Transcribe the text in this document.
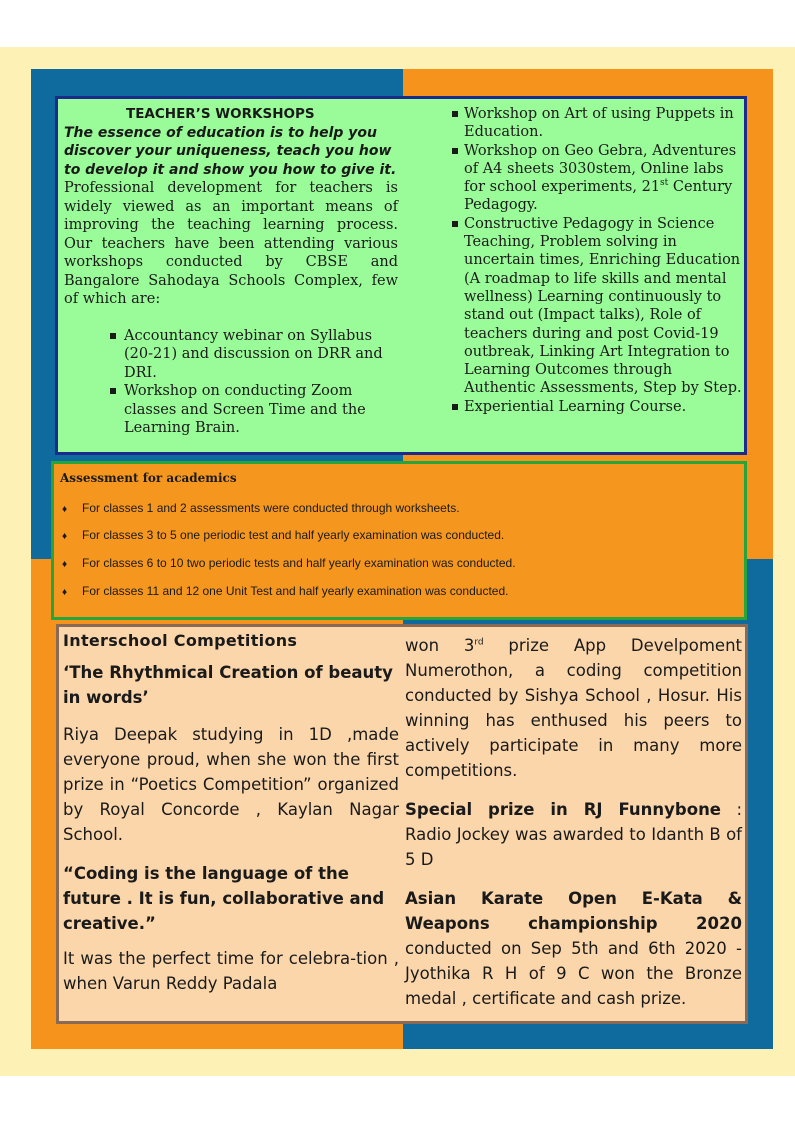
TEACHER’S WORKSHOPS
The essence of education is to help you discover your uniqueness, teach you how to develop it and show you how to give it.
Professional development for teachers is widely viewed as an important means of improving the teaching learning process. Our teachers have been attending various workshops conducted by CBSE and Bangalore Sahodaya Schools Complex, few of which are:
Accountancy webinar on Syllabus (20-21) and discussion on DRR and DRI.
Workshop on conducting Zoom classes and Screen Time and the Learning Brain.
Workshop on Art of using Puppets in Education.
Workshop on Geo Gebra, Adventures of A4 sheets 3030stem, Online labs for school experiments, 21st Century Pedagogy.
Constructive Pedagogy in Science Teaching, Problem solving in uncertain times, Enriching Education (A roadmap to life skills and mental wellness) Learning continuously to stand out (Impact talks), Role of teachers during and post Covid-19 outbreak, Linking Art Integration to Learning Outcomes through Authentic Assessments, Step by Step.
Experiential Learning Course.
Assessment for academics
♦ For classes 1 and 2 assessments were conducted through worksheets.
♦ For classes 3 to 5 one periodic test and half yearly examination was conducted.
♦ For classes 6 to 10 two periodic tests and half yearly examination was conducted.
♦ For classes 11 and 12 one Unit Test and half yearly examination was conducted.
Interschool Competitions
‘The Rhythmical Creation of beauty in words’
Riya Deepak studying in 1D ,made everyone proud, when she won the first prize in “Poetics Competition” organized by Royal Concorde , Kaylan Nagar School.
“Coding is the language of the future . It is fun, collaborative and creative.”
It was the perfect time for celebra-tion , when Varun Reddy Padala
won 3rd prize App Develpoment Numerothon, a coding competition conducted by Sishya School , Hosur. His winning has enthused his peers to actively participate in many more competitions.
Special prize in RJ Funnybone : Radio Jockey was awarded to Idanth B of 5 D
Asian Karate Open E-Kata & Weapons championship 2020 conducted on Sep 5th and 6th 2020 - Jyothika R H of 9 C won the Bronze medal , certificate and cash prize.
